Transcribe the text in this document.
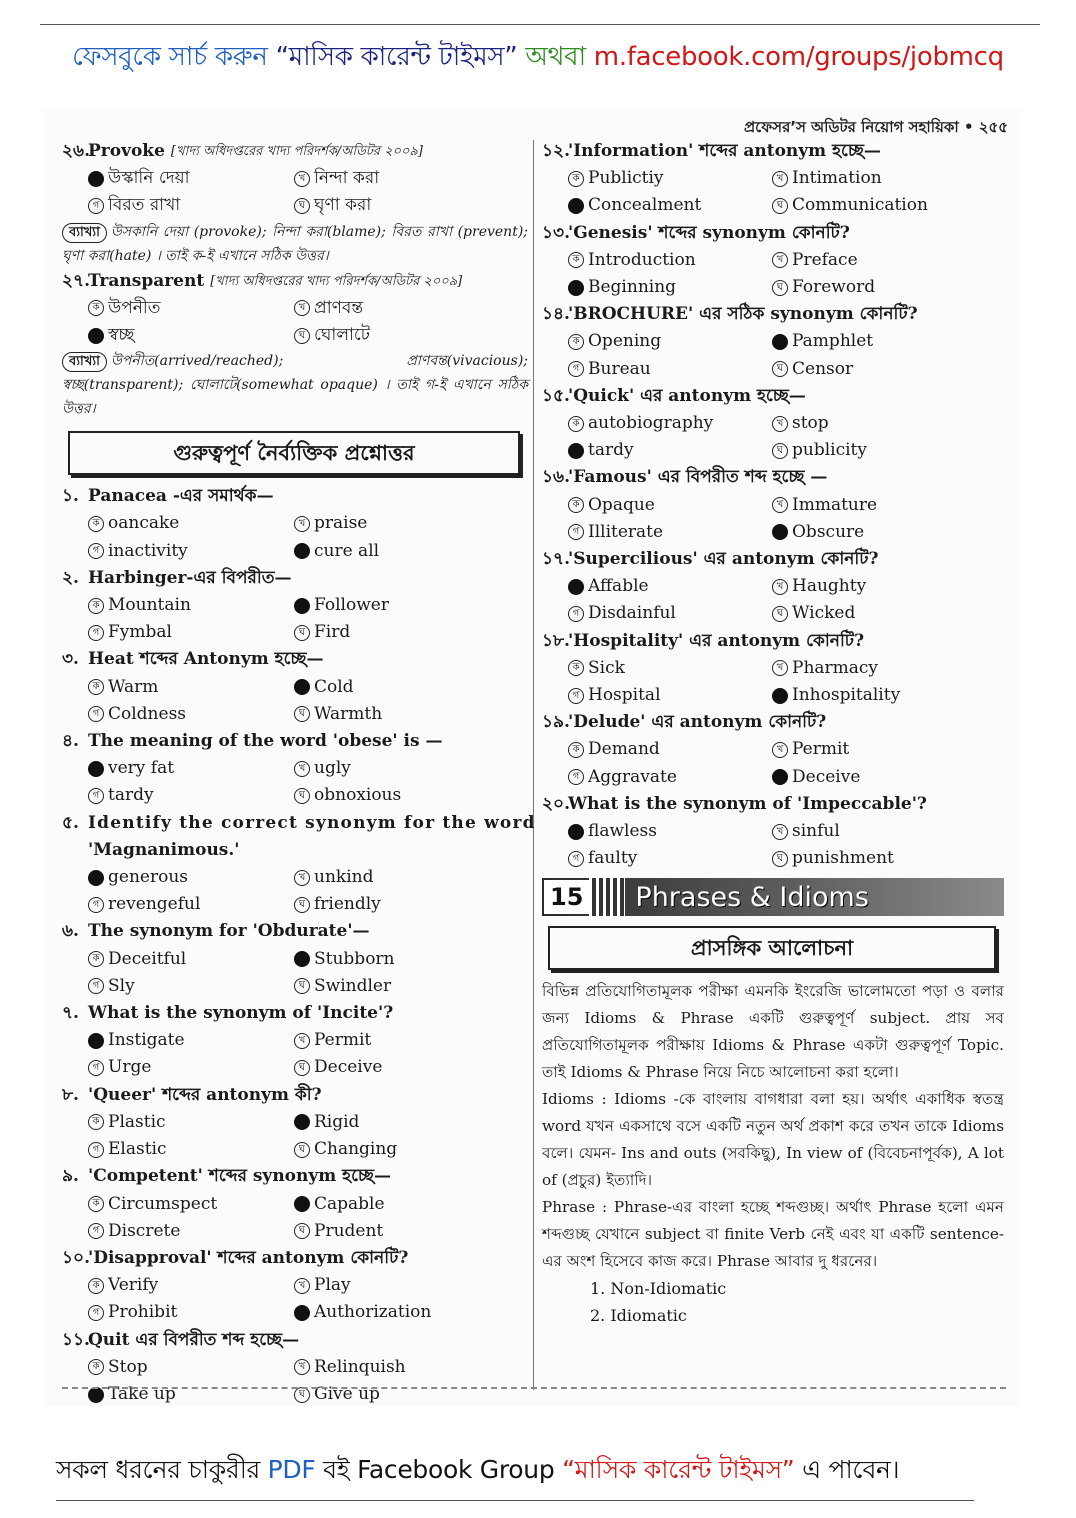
ফেসবুকে সার্চ করুন “মাসিক কারেন্ট টাইমস” অথবা m.facebook.com/groups/jobmcq
প্রফেসর’স অডিটর নিয়োগ সহায়িকা • ২৫৫
২৬.
Provoke [খাদ্য অধিদপ্তরের খাদ্য পরিদর্শক/অডিটর ২০০৯]
উস্কানি দেয়া	খ নিন্দা করা
গ বিরত রাখা	ঘ ঘৃণা করা
ব্যাখ্যা উসকানি দেয়া (provoke); নিন্দা করা(blame); বিরত রাখা (prevent); ঘৃণা করা(hate) । তাই ক-ই এখানে সঠিক উত্তর।
২৭.
Transparent [খাদ্য অধিদপ্তরের খাদ্য পরিদর্শক/অডিটর ২০০৯]
ক উপনীত	খ প্রাণবন্ত
স্বচ্ছ	ঘ ঘোলাটে
ব্যাখ্যা উপনীত(arrived/reached); প্রাণবন্ত(vivacious); স্বচ্ছ(transparent); ঘোলাটে(somewhat opaque) । তাই গ-ই এখানে সঠিক উত্তর।
গুরুত্বপূর্ণ নৈর্ব্যক্তিক প্রশ্নোত্তর
১. Panacea -এর সমার্থক—
ক oancake	খ praise
গ inactivity	cure all
২. Harbinger-এর বিপরীত—
ক Mountain	Follower
গ Fymbal	ঘ Fird
৩. Heat শব্দের Antonym হচ্ছে—
ক Warm	Cold
গ Coldness	ঘ Warmth
৪. The meaning of the word 'obese' is —
very fat	খ ugly
গ tardy	ঘ obnoxious
৫. Identify the correct synonym for the word
'Magnanimous.'
generous	খ unkind
গ revengeful	ঘ friendly
৬. The synonym for 'Obdurate'—
ক Deceitful	Stubborn
গ Sly	ঘ Swindler
৭. What is the synonym of 'Incite'?
Instigate	খ Permit
গ Urge	ঘ Deceive
৮. 'Queer' শব্দের antonym কী?
ক Plastic	Rigid
গ Elastic	ঘ Changing
৯. 'Competent' শব্দের synonym হচ্ছে—
ক Circumspect	Capable
গ Discrete	ঘ Prudent
১০.
'Disapproval' শব্দের antonym কোনটি?
ক Verify	খ Play
গ Prohibit	Authorization
১১.
Quit এর বিপরীত শব্দ হচ্ছে—
ক Stop	খ Relinquish
Take up	ঘ Give up
১২.
'Information' শব্দের antonym হচ্ছে—
ক Publictiy	খ Intimation
Concealment	ঘ Communication
১৩.
'Genesis' শব্দের synonym কোনটি?
ক Introduction	খ Preface
Beginning	ঘ Foreword
১৪.
'BROCHURE' এর সঠিক synonym কোনটি?
ক Opening	Pamphlet
গ Bureau	ঘ Censor
১৫.
'Quick' এর antonym হচ্ছে—
ক autobiography	খ stop
tardy	ঘ publicity
১৬.
'Famous' এর বিপরীত শব্দ হচ্ছে —
ক Opaque	খ Immature
গ Illiterate	Obscure
১৭.
'Supercilious' এর antonym কোনটি?
Affable	খ Haughty
গ Disdainful	ঘ Wicked
১৮.
'Hospitality' এর antonym কোনটি?
ক Sick	খ Pharmacy
গ Hospital	Inhospitality
১৯.
'Delude' এর antonym কোনটি?
ক Demand	খ Permit
গ Aggravate	Deceive
২০.
What is the synonym of 'Impeccable'?
flawless	খ sinful
গ faulty	ঘ punishment
15 Phrases & Idioms
প্রাসঙ্গিক আলোচনা
বিভিন্ন প্রতিযোগিতামূলক পরীক্ষা এমনকি ইংরেজি ভালোমতো পড়া ও বলার জন্য Idioms & Phrase একটি গুরুত্বপূর্ণ subject. প্রায় সব প্রতিযোগিতামূলক পরীক্ষায় Idioms & Phrase একটা গুরুত্বপূর্ণ Topic. তাই Idioms & Phrase নিয়ে নিচে আলোচনা করা হলো।
Idioms : Idioms -কে বাংলায় বাগধারা বলা হয়। অর্থাৎ একাধিক স্বতন্ত্র word যখন একসাথে বসে একটি নতুন অর্থ প্রকাশ করে তখন তাকে Idioms বলে। যেমন- Ins and outs (সবকিছু), In view of (বিবেচনাপূর্বক), A lot of (প্রচুর) ইত্যাদি।
Phrase : Phrase-এর বাংলা হচ্ছে শব্দগুচ্ছ। অর্থাৎ Phrase হলো এমন শব্দগুচ্ছ যেখানে subject বা finite Verb নেই এবং যা একটি sentence-এর অংশ হিসেবে কাজ করে। Phrase আবার দু ধরনের।
1. Non-Idiomatic
2. Idiomatic
সকল ধরনের চাকুরীর PDF বই Facebook Group “মাসিক কারেন্ট টাইমস” এ পাবেন।
